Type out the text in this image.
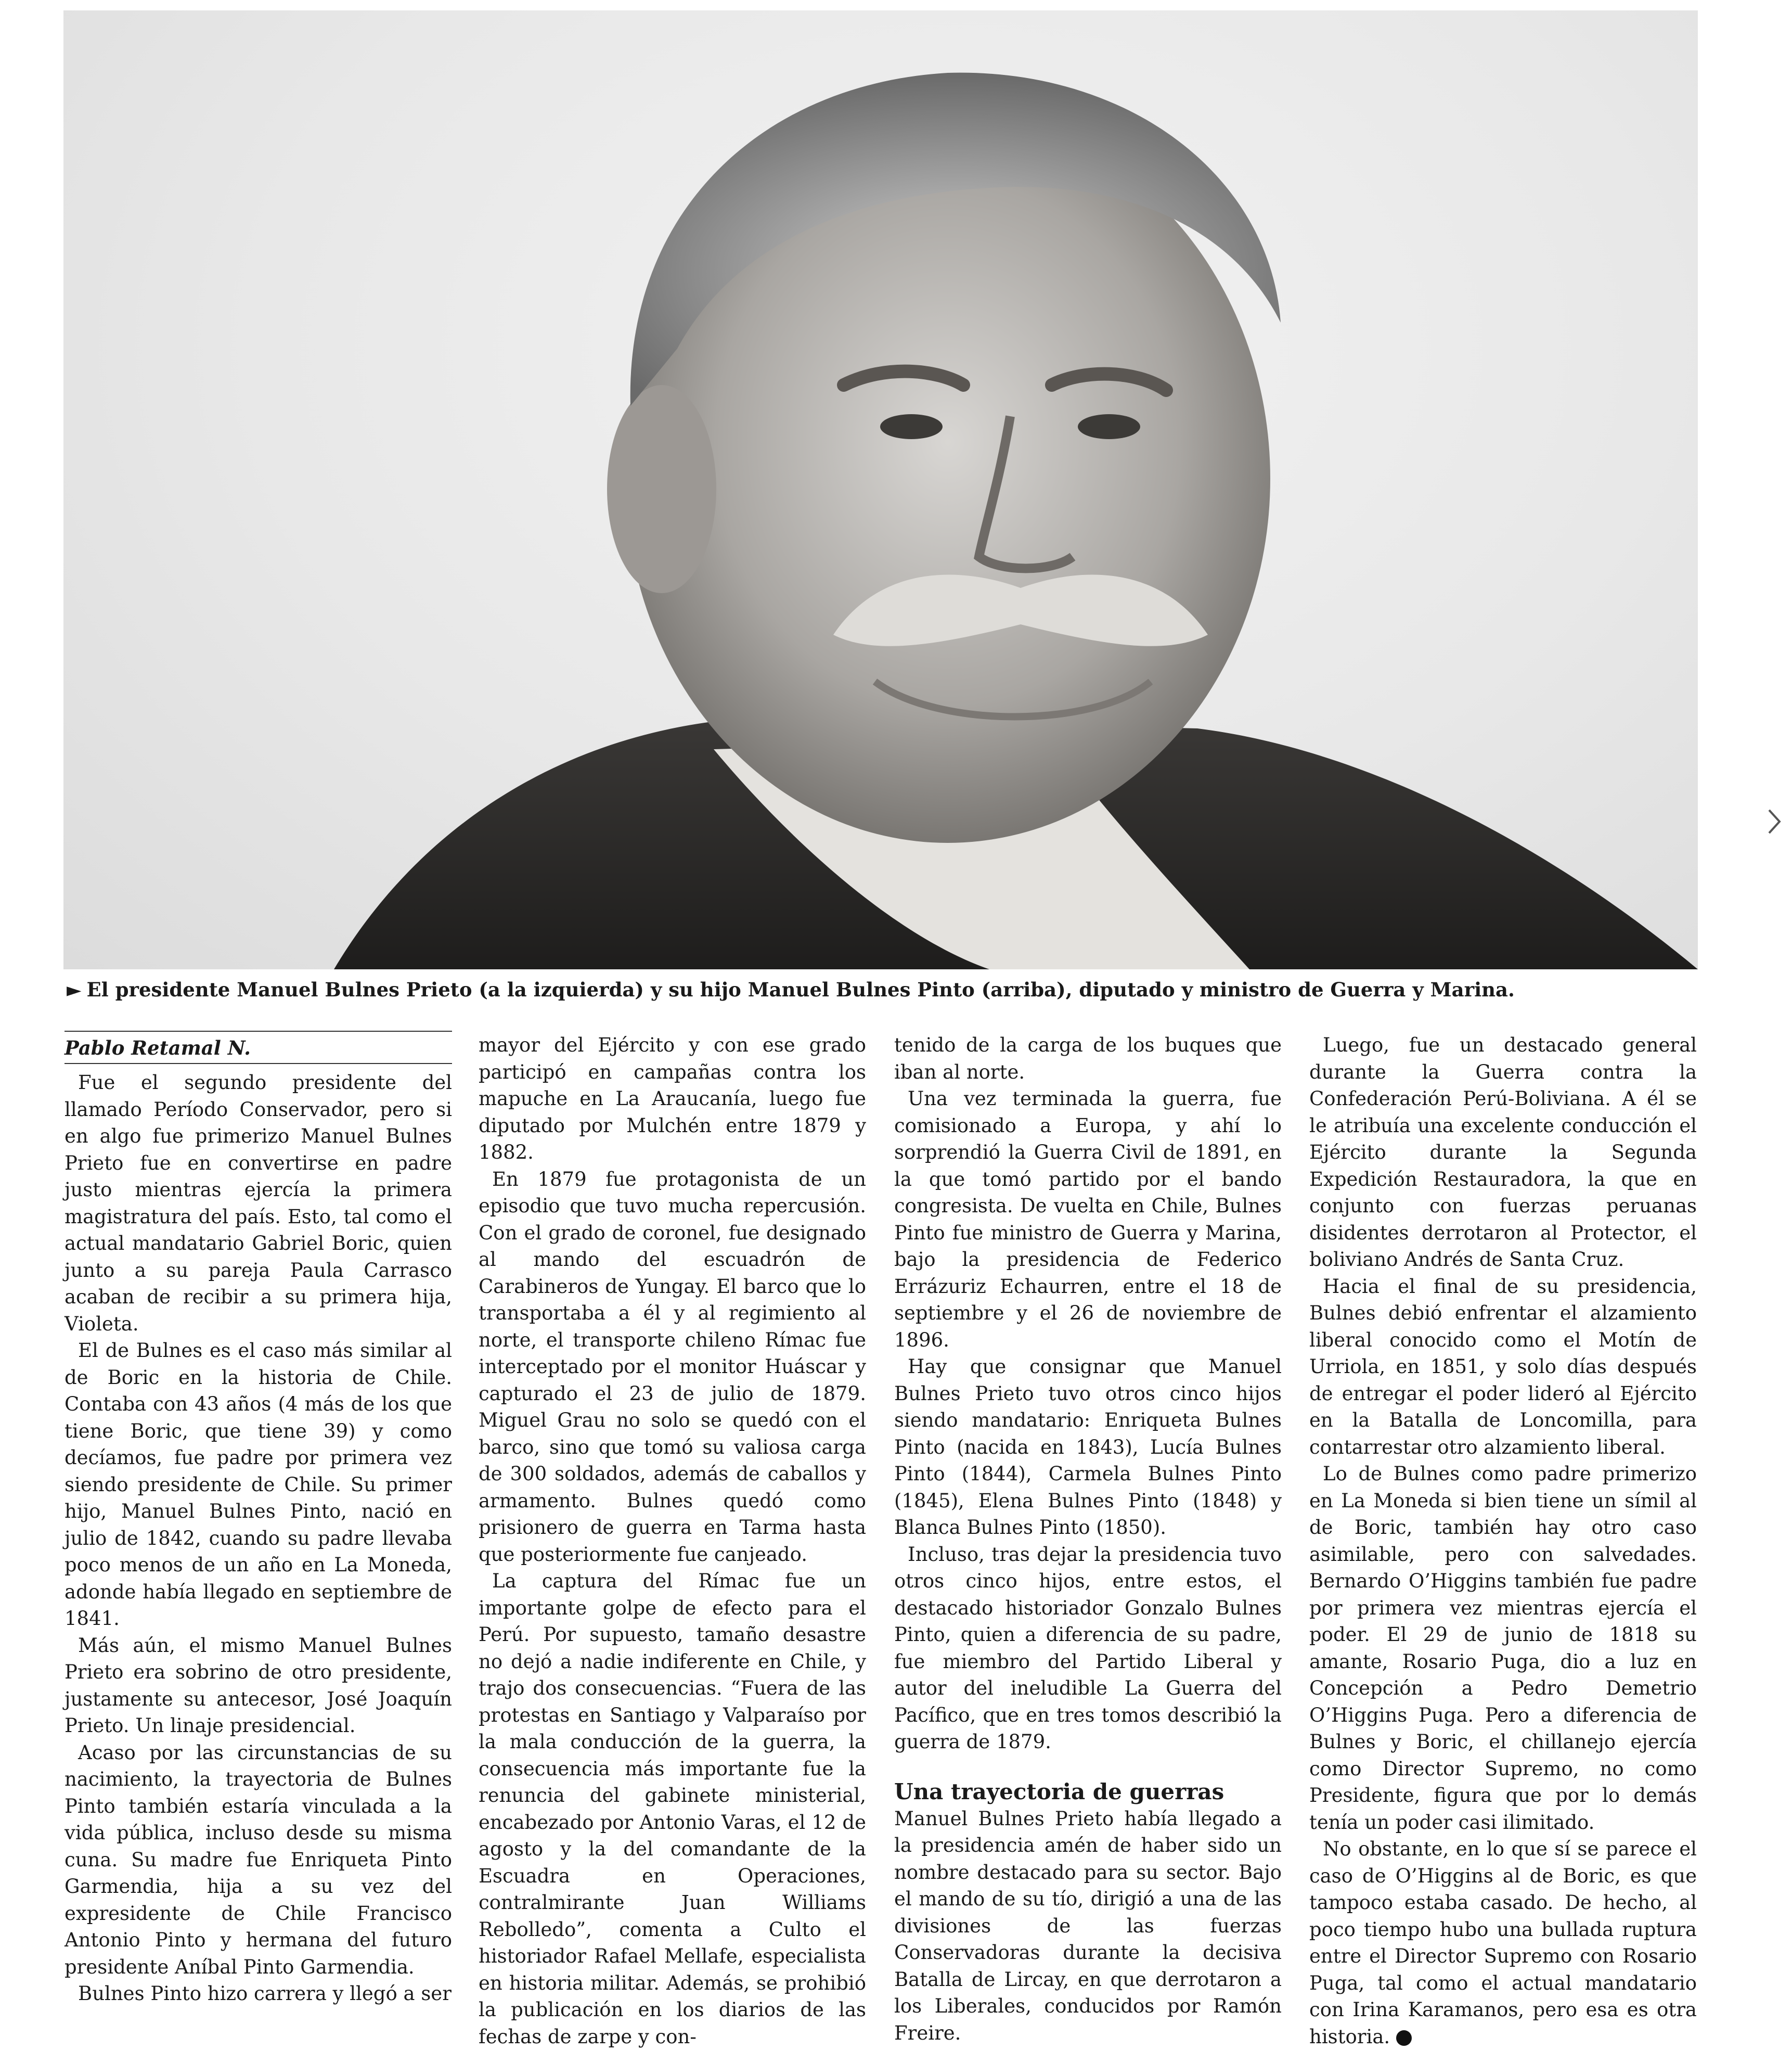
► El presidente Manuel Bulnes Prieto (a la izquierda) y su hijo Manuel Bulnes Pinto (arriba), diputado y ministro de Guerra y Marina.
Pablo Retamal N.

Fue el segundo presidente del llamado Período Conservador, pero si en algo fue primerizo Manuel Bulnes Prieto fue en convertirse en padre justo mientras ejercía la primera magistratura del país. Esto, tal como el actual mandatario Gabriel Boric, quien junto a su pareja Paula Carrasco acaban de recibir a su primera hija, Violeta.

El de Bulnes es el caso más similar al de Boric en la historia de Chile. Contaba con 43 años (4 más de los que tiene Boric, que tiene 39) y como decíamos, fue padre por primera vez siendo presidente de Chile. Su primer hijo, Manuel Bulnes Pinto, nació en julio de 1842, cuando su padre llevaba poco menos de un año en La Moneda, adonde había llegado en septiembre de 1841.

Más aún, el mismo Manuel Bulnes Prieto era sobrino de otro presidente, justamente su antecesor, José Joaquín Prieto. Un linaje presidencial.

Acaso por las circunstancias de su nacimiento, la trayectoria de Bulnes Pinto también estaría vinculada a la vida pública, incluso desde su misma cuna. Su madre fue Enriqueta Pinto Garmendia, hija a su vez del expresidente de Chile Francisco Antonio Pinto y hermana del futuro presidente Aníbal Pinto Garmendia.

Bulnes Pinto hizo carrera y llegó a ser

mayor del Ejército y con ese grado participó en campañas contra los mapuche en La Araucanía, luego fue diputado por Mulchén entre 1879 y 1882.

En 1879 fue protagonista de un episodio que tuvo mucha repercusión. Con el grado de coronel, fue designado al mando del escuadrón de Carabineros de Yungay. El barco que lo transportaba a él y al regimiento al norte, el transporte chileno Rímac fue interceptado por el monitor Huáscar y capturado el 23 de julio de 1879. Miguel Grau no solo se quedó con el barco, sino que tomó su valiosa carga de 300 soldados, además de caballos y armamento. Bulnes quedó como prisionero de guerra en Tarma hasta que posteriormente fue canjeado.

La captura del Rímac fue un importante golpe de efecto para el Perú. Por supuesto, tamaño desastre no dejó a nadie indiferente en Chile, y trajo dos consecuencias. “Fuera de las protestas en Santiago y Valparaíso por la mala conducción de la guerra, la consecuencia más importante fue la renuncia del gabinete ministerial, encabezado por Antonio Varas, el 12 de agosto y la del comandante de la Escuadra en Operaciones, contralmirante Juan Williams Rebolledo”, comenta a Culto el historiador Rafael Mellafe, especialista en historia militar. Además, se prohibió la publicación en los diarios de las fechas de zarpe y con-

tenido de la carga de los buques que iban al norte.

Una vez terminada la guerra, fue comisionado a Europa, y ahí lo sorprendió la Guerra Civil de 1891, en la que tomó partido por el bando congresista. De vuelta en Chile, Bulnes Pinto fue ministro de Guerra y Marina, bajo la presidencia de Federico Errázuriz Echaurren, entre el 18 de septiembre y el 26 de noviembre de 1896.

Hay que consignar que Manuel Bulnes Prieto tuvo otros cinco hijos siendo mandatario: Enriqueta Bulnes Pinto (nacida en 1843), Lucía Bulnes Pinto (1844), Carmela Bulnes Pinto (1845), Elena Bulnes Pinto (1848) y Blanca Bulnes Pinto (1850).

Incluso, tras dejar la presidencia tuvo otros cinco hijos, entre estos, el destacado historiador Gonzalo Bulnes Pinto, quien a diferencia de su padre, fue miembro del Partido Liberal y autor del ineludible La Guerra del Pacífico, que en tres tomos describió la guerra de 1879.

Una trayectoria de guerras

Manuel Bulnes Prieto había llegado a la presidencia amén de haber sido un nombre destacado para su sector. Bajo el mando de su tío, dirigió a una de las divisiones de las fuerzas Conservadoras durante la decisiva Batalla de Lircay, en que derrotaron a los Liberales, conducidos por Ramón Freire.

Luego, fue un destacado general durante la Guerra contra la Confederación Perú-Boliviana. A él se le atribuía una excelente conducción el Ejército durante la Segunda Expedición Restauradora, la que en conjunto con fuerzas peruanas disidentes derrotaron al Protector, el boliviano Andrés de Santa Cruz.

Hacia el final de su presidencia, Bulnes debió enfrentar el alzamiento liberal conocido como el Motín de Urriola, en 1851, y solo días después de entregar el poder lideró al Ejército en la Batalla de Loncomilla, para contarrestar otro alzamiento liberal.

Lo de Bulnes como padre primerizo en La Moneda si bien tiene un símil al de Boric, también hay otro caso asimilable, pero con salvedades. Bernardo O’Higgins también fue padre por primera vez mientras ejercía el poder. El 29 de junio de 1818 su amante, Rosario Puga, dio a luz en Concepción a Pedro Demetrio O’Higgins Puga. Pero a diferencia de Bulnes y Boric, el chillanejo ejercía como Director Supremo, no como Presidente, figura que por lo demás tenía un poder casi ilimitado.

No obstante, en lo que sí se parece el caso de O’Higgins al de Boric, es que tampoco estaba casado. De hecho, al poco tiempo hubo una bullada ruptura entre el Director Supremo con Rosario Puga, tal como el actual mandatario con Irina Karamanos, pero esa es otra historia.
